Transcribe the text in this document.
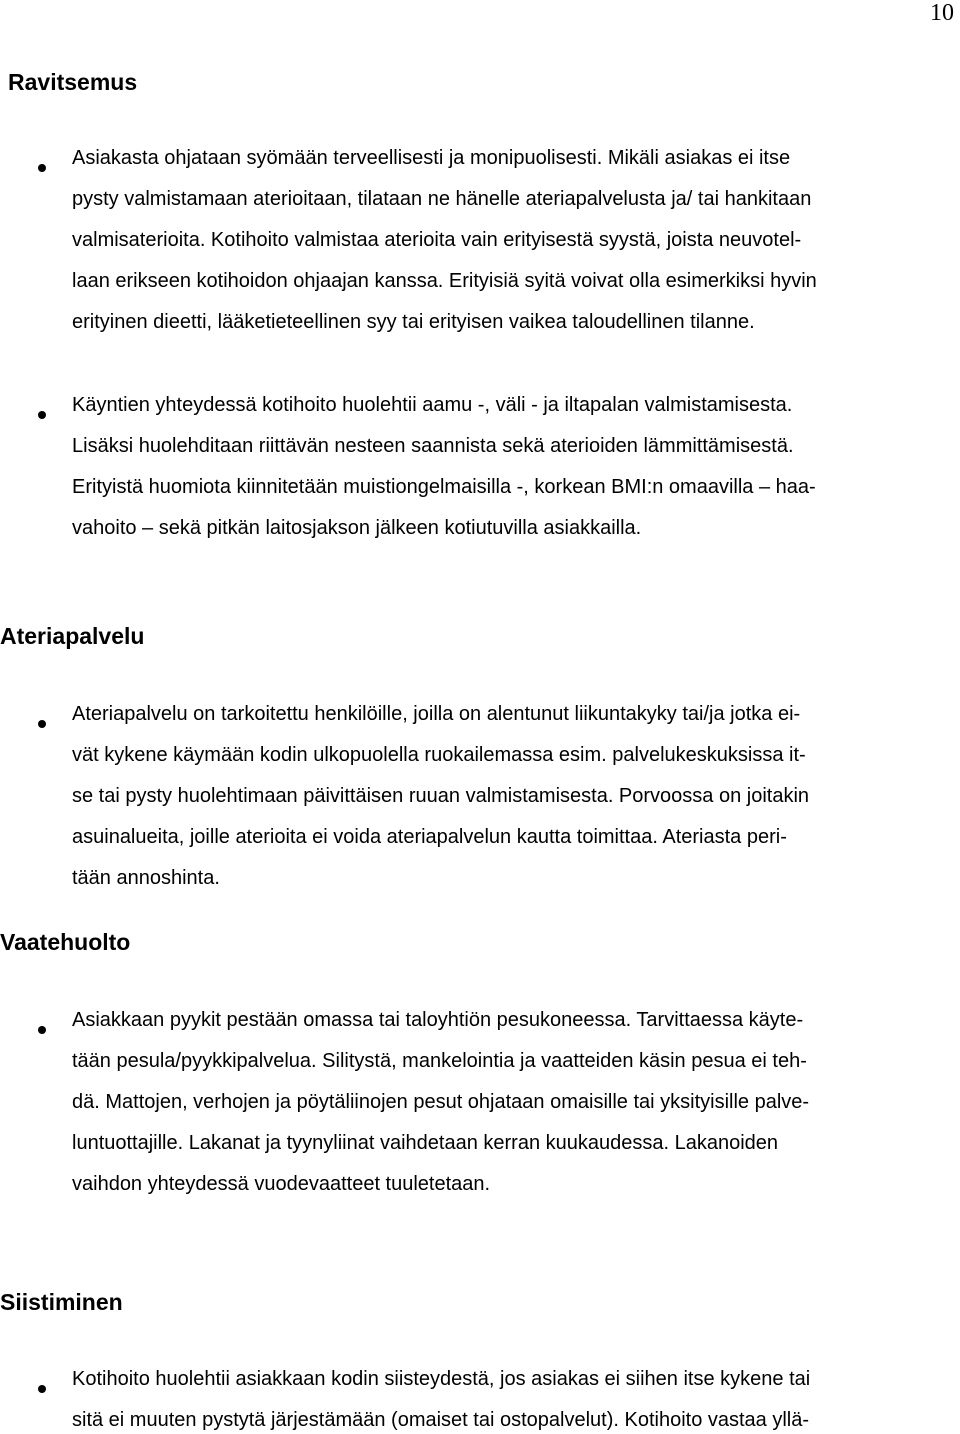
10
Ravitsemus
Asiakasta ohjataan syömään terveellisesti ja monipuolisesti. Mikäli asiakas ei itse
pysty valmistamaan aterioitaan, tilataan ne hänelle ateriapalvelusta ja/ tai hankitaan
valmisaterioita. Kotihoito valmistaa aterioita vain erityisestä syystä, joista neuvotel-
laan erikseen kotihoidon ohjaajan kanssa. Erityisiä syitä voivat olla esimerkiksi hyvin
erityinen dieetti, lääketieteellinen syy tai erityisen vaikea taloudellinen tilanne.
Käyntien yhteydessä kotihoito huolehtii aamu -, väli - ja iltapalan valmistamisesta.
Lisäksi huolehditaan riittävän nesteen saannista sekä aterioiden lämmittämisestä.
Erityistä huomiota kiinnitetään muistiongelmaisilla -, korkean BMI:n omaavilla – haa-
vahoito – sekä pitkän laitosjakson jälkeen kotiutuvilla asiakkailla.
Ateriapalvelu
Ateriapalvelu on tarkoitettu henkilöille, joilla on alentunut liikuntakyky tai/ja jotka ei-
vät kykene käymään kodin ulkopuolella ruokailemassa esim. palvelukeskuksissa it-
se tai pysty huolehtimaan päivittäisen ruuan valmistamisesta. Porvoossa on joitakin
asuinalueita, joille aterioita ei voida ateriapalvelun kautta toimittaa. Ateriasta peri-
tään annoshinta.
Vaatehuolto
Asiakkaan pyykit pestään omassa tai taloyhtiön pesukoneessa. Tarvittaessa käyte-
tään pesula/pyykkipalvelua. Silitystä, mankelointia ja vaatteiden käsin pesua ei teh-
dä. Mattojen, verhojen ja pöytäliinojen pesut ohjataan omaisille tai yksityisille palve-
luntuottajille. Lakanat ja tyynyliinat vaihdetaan kerran kuukaudessa. Lakanoiden
vaihdon yhteydessä vuodevaatteet tuuletetaan.
Siistiminen
Kotihoito huolehtii asiakkaan kodin siisteydestä, jos asiakas ei siihen itse kykene tai
sitä ei muuten pystytä järjestämään (omaiset tai ostopalvelut). Kotihoito vastaa yllä-
